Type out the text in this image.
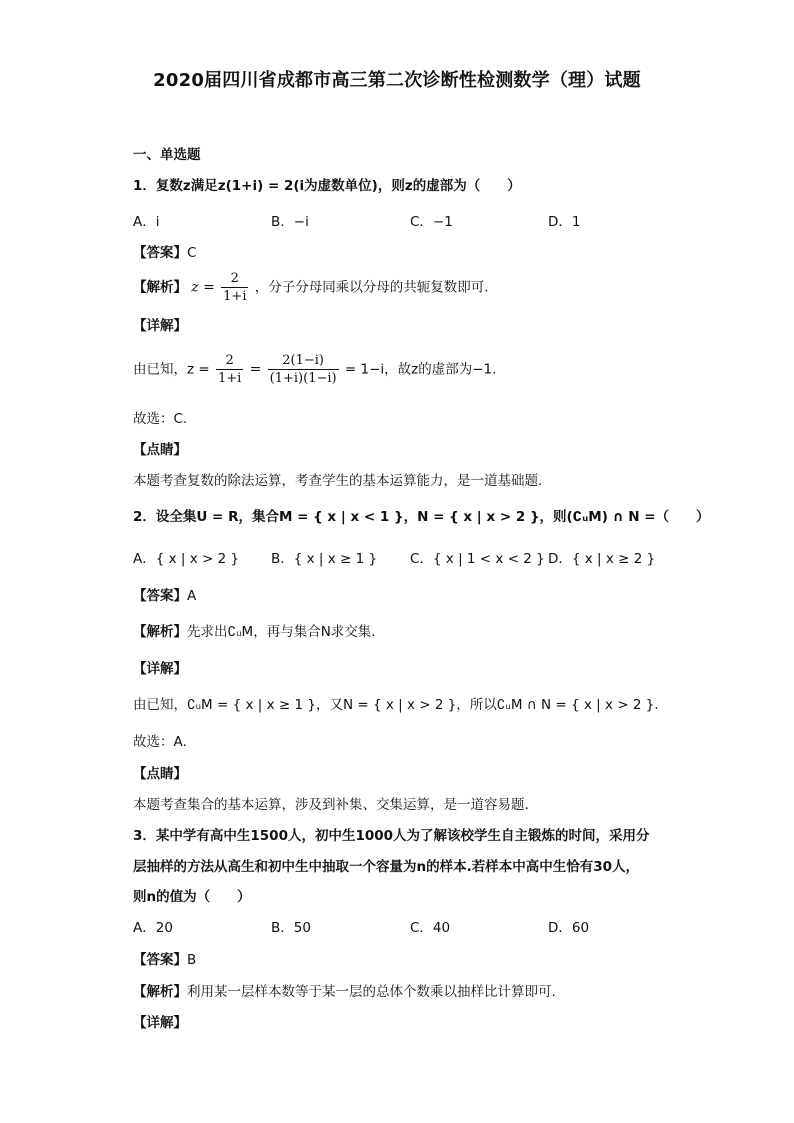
2020届四川省成都市高三第二次诊断性检测数学（理）试题
一、单选题
1．复数z满足z(1+i) = 2(i为虚数单位)，则z的虚部为（　　）
A．i	B．−i	C．−1	D．1
【答案】C
【解析】 $z = \frac{2}{1+i}$ ，分子分母同乘以分母的共轭复数即可.
【详解】
由已知，$z = \frac{2}{1+i} = \frac{2(1-i)}{(1+i)(1-i)} = 1-i$，故z的虚部为−1.
故选：C.
【点睛】
本题考查复数的除法运算，考查学生的基本运算能力，是一道基础题.
2．设全集U = R，集合M = { x | x < 1 }，N = { x | x > 2 }，则(∁ᵤM) ∩ N =（　　）
A．{ x | x > 2 } B．{ x | x ≥ 1 } C．{ x | 1 < x < 2 } D．{ x | x ≥ 2 }
【答案】A
【解析】先求出∁ᵤM，再与集合N求交集.
【详解】
由已知，∁ᵤM = { x | x ≥ 1 }，又N = { x | x > 2 }，所以∁ᵤM ∩ N = { x | x > 2 }.
故选：A.
【点睛】
本题考查集合的基本运算，涉及到补集、交集运算，是一道容易题.
3．某中学有高中生1500人，初中生1000人为了解该校学生自主锻炼的时间，采用分
层抽样的方法从高生和初中生中抽取一个容量为n的样本.若样本中高中生恰有30人，
则n的值为（　　）
A．20	B．50	C．40	D．60
【答案】B
【解析】利用某一层样本数等于某一层的总体个数乘以抽样比计算即可.
【详解】
